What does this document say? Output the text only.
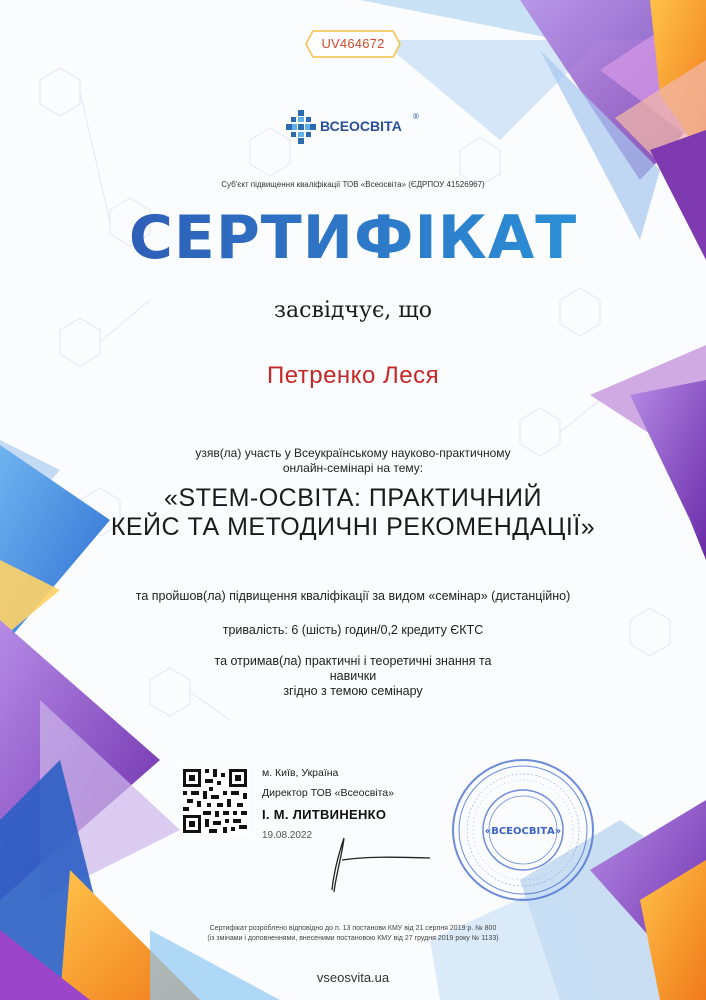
UV464672
ВСЕОСВІТА
®
Суб'єкт підвищення кваліфікації ТОВ «Всеосвіта» (ЄДРПОУ 41526967)
СЕРТИФІКАТ
засвідчує, що
Петренко Леся
узяв(ла) участь у Всеукраїнському науково-практичному
онлайн-семінарі на тему:
«STEM-ОСВІТА: ПРАКТИЧНИЙ
КЕЙС ТА МЕТОДИЧНІ РЕКОМЕНДАЦІЇ»
та пройшов(ла) підвищення кваліфікації за видом «семінар» (дистанційно)
тривалість: 6 (шість) годин/0,2 кредиту ЄКТС
та отримав(ла) практичні і теоретичні знання та навички
згідно з темою семінару
м. Київ, Україна
Директор ТОВ «Всеосвіта»
І. М. ЛИТВИНЕНКО
19.08.2022	«ВСЕОСВІТА»
Сертифікат розроблено відповідно до п. 13 постанови КМУ від 21 серпня 2019 р. № 800
(із змінами і доповненнями, внесеними постановою КМУ від 27 грудня 2019 року № 1133)
vseosvita.ua
